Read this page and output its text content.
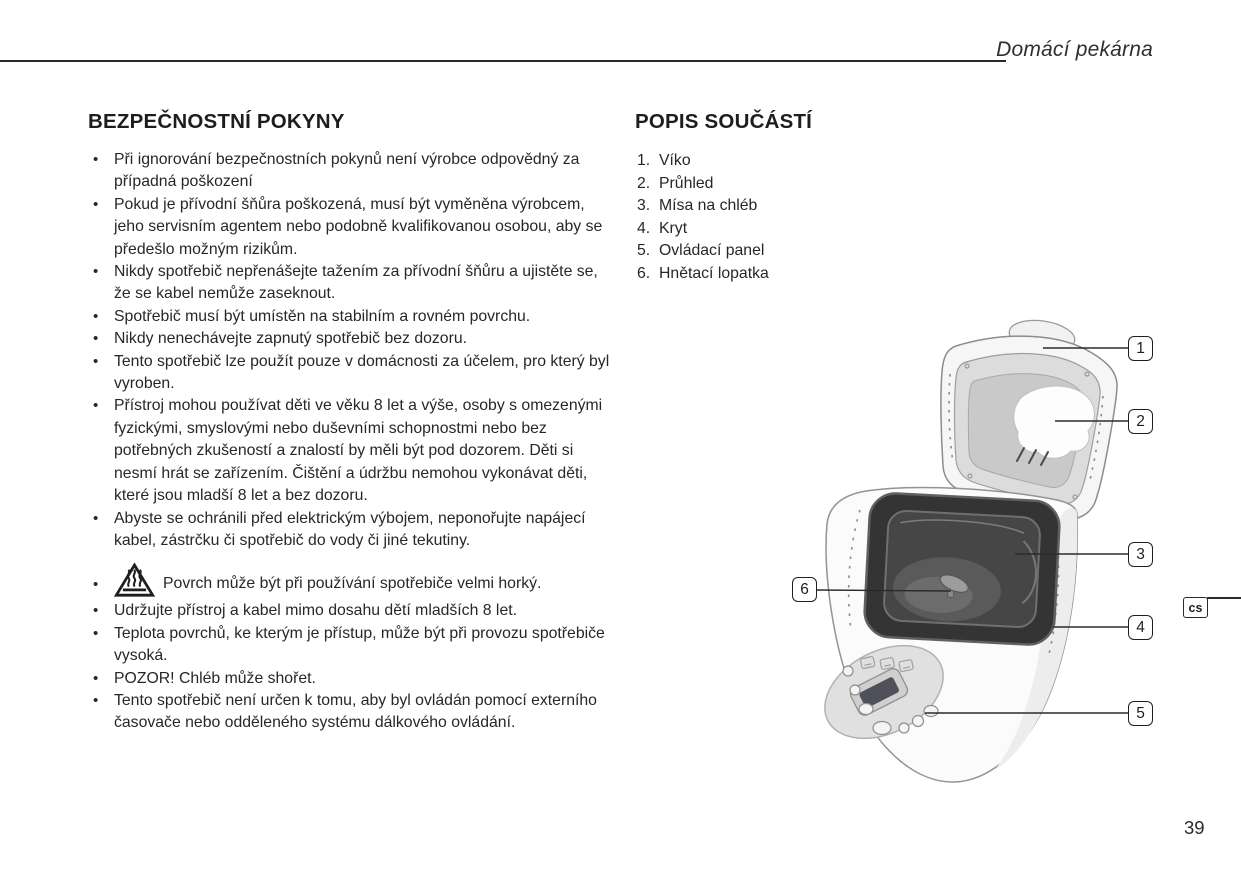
Domácí pekárna
BEZPEČNOSTNÍ POKYNY
• Při ignorování bezpečnostních pokynů není výrobce odpovědný za případná poškození
• Pokud je přívodní šňůra poškozená, musí být vyměněna výrobcem, jeho servisním agentem nebo podobně kvalifikovanou osobou, aby se předešlo možným rizikům.
• Nikdy spotřebič nepřenášejte tažením za přívodní šňůru a ujistěte se, že se kabel nemůže zaseknout.
• Spotřebič musí být umístěn na stabilním a rovném povrchu.
• Nikdy nenechávejte zapnutý spotřebič bez dozoru.
• Tento spotřebič lze použít pouze v domácnosti za účelem, pro který byl vyroben.
• Přístroj mohou používat děti ve věku 8 let a výše, osoby s omezenými fyzickými, smyslovými nebo duševními schopnostmi nebo bez potřebných zkušeností a znalostí by měli být pod dozorem. Děti si nesmí hrát se zařízením. Čištění a údržbu nemohou vykonávat děti, které jsou mladší 8 let a bez dozoru.
• Abyste se ochránili před elektrickým výbojem, neponořujte napájecí kabel, zástrčku či spotřebič do vody či jiné tekutiny.
• Povrch může být při používání spotřebiče velmi horký.
• Udržujte přístroj a kabel mimo dosahu dětí mladších 8 let.
• Teplota povrchů, ke kterým je přístup, může být při provozu spotřebiče vysoká.
• POZOR! Chléb může shořet.
• Tento spotřebič není určen k tomu, aby byl ovládán pomocí externího časovače nebo odděleného systému dálkového ovládání.
POPIS SOUČÁSTÍ
1. Víko
2. Průhled
3. Mísa na chléb
4. Kryt
5. Ovládací panel
6. Hnětací lopatka
1
2
3
4
5
6
cs
39
